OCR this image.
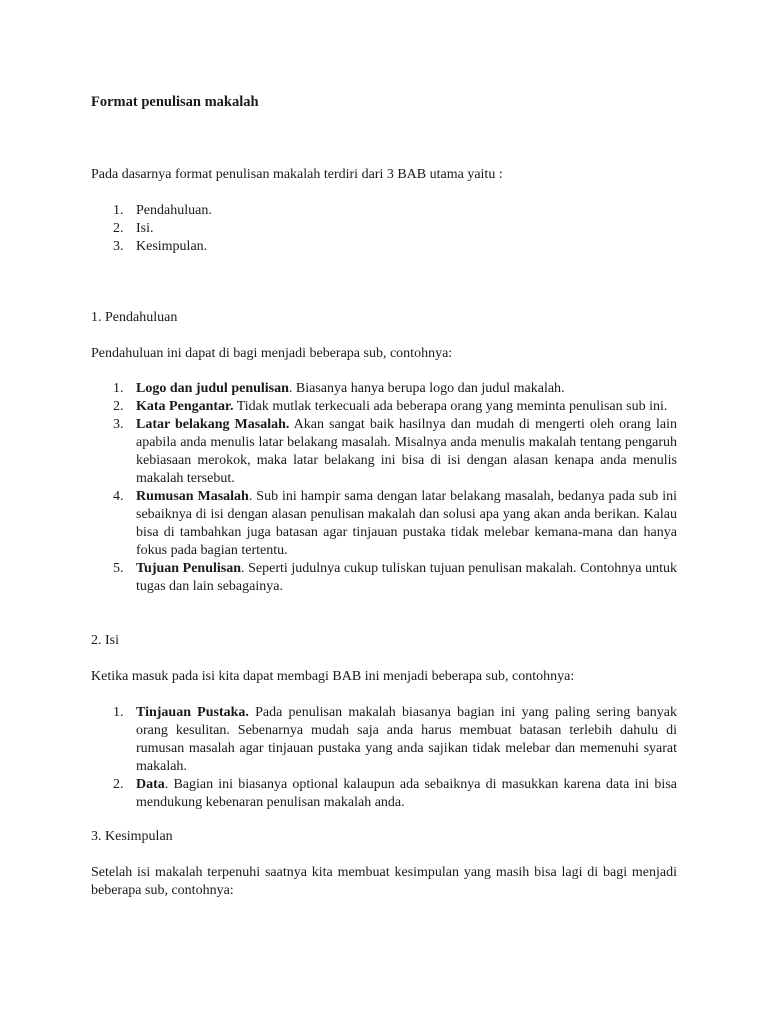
Format penulisan makalah

Pada dasarnya format penulisan makalah terdiri dari 3 BAB utama yaitu :

1. Pendahuluan.
2. Isi.
3. Kesimpulan.

1. Pendahuluan

Pendahuluan ini dapat di bagi menjadi beberapa sub, contohnya:

1. Logo dan judul penulisan. Biasanya hanya berupa logo dan judul makalah.
2. Kata Pengantar. Tidak mutlak terkecuali ada beberapa orang yang meminta penulisan sub ini.
3. Latar belakang Masalah. Akan sangat baik hasilnya dan mudah di mengerti oleh orang lain apabila anda menulis latar belakang masalah. Misalnya anda menulis makalah tentang pengaruh kebiasaan merokok, maka latar belakang ini bisa di isi dengan alasan kenapa anda menulis makalah tersebut.
4. Rumusan Masalah. Sub ini hampir sama dengan latar belakang masalah, bedanya pada sub ini sebaiknya di isi dengan alasan penulisan makalah dan solusi apa yang akan anda berikan. Kalau bisa di tambahkan juga batasan agar tinjauan pustaka tidak melebar kemana-mana dan hanya fokus pada bagian tertentu.
5. Tujuan Penulisan. Seperti judulnya cukup tuliskan tujuan penulisan makalah. Contohnya untuk tugas dan lain sebagainya.

2. Isi

Ketika masuk pada isi kita dapat membagi BAB ini menjadi beberapa sub, contohnya:

1. Tinjauan Pustaka. Pada penulisan makalah biasanya bagian ini yang paling sering banyak orang kesulitan. Sebenarnya mudah saja anda harus membuat batasan terlebih dahulu di rumusan masalah agar tinjauan pustaka yang anda sajikan tidak melebar dan memenuhi syarat makalah.
2. Data. Bagian ini biasanya optional kalaupun ada sebaiknya di masukkan karena data ini bisa mendukung kebenaran penulisan makalah anda.

3. Kesimpulan

Setelah isi makalah terpenuhi saatnya kita membuat kesimpulan yang masih bisa lagi di bagi menjadi beberapa sub, contohnya:
